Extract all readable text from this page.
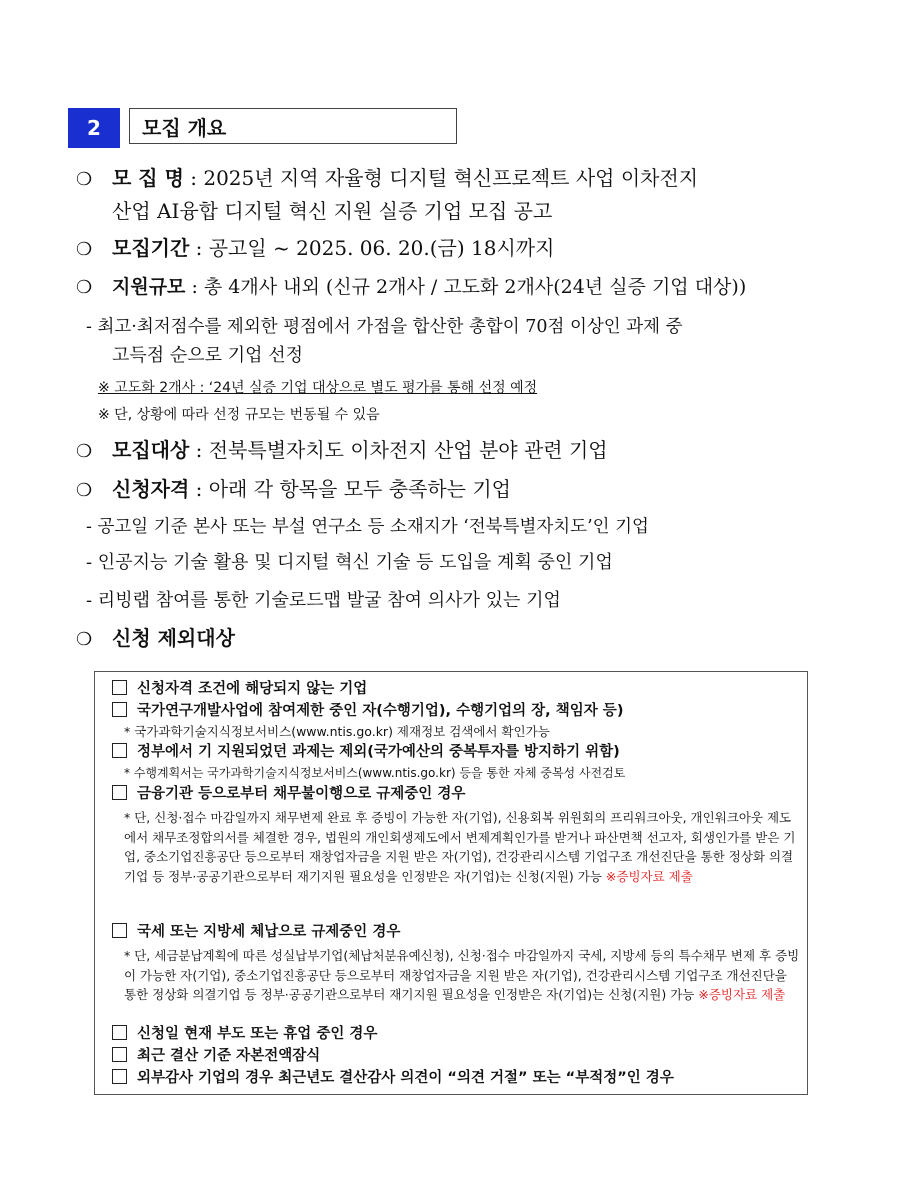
2	모집 개요
❍ 모 집 명 : 2025년 지역 자율형 디지털 혁신프로젝트 사업 이차전지
산업 AI융합 디지털 혁신 지원 실증 기업 모집 공고
❍ 모집기간 : 공고일 ~ 2025. 06. 20.(금) 18시까지
❍ 지원규모 : 총 4개사 내외 (신규 2개사 / 고도화 2개사(24년 실증 기업 대상))
- 최고·최저점수를 제외한 평점에서 가점을 합산한 총합이 70점 이상인 과제 중
고득점 순으로 기업 선정
※ 고도화 2개사 : ‘24년 실증 기업 대상으로 별도 평가를 통해 선정 예정
※ 단, 상황에 따라 선정 규모는 번동될 수 있음
❍ 모집대상 : 전북특별자치도 이차전지 산업 분야 관련 기업
❍ 신청자격 : 아래 각 항목을 모두 충족하는 기업
- 공고일 기준 본사 또는 부설 연구소 등 소재지가 ‘전북특별자치도’인 기업
- 인공지능 기술 활용 및 디지털 혁신 기술 등 도입을 계획 중인 기업
- 리빙랩 참여를 통한 기술로드맵 발굴 참여 의사가 있는 기업
❍ 신청 제외대상
신청자격 조건에 해당되지 않는 기업
국가연구개발사업에 참여제한 중인 자(수행기업), 수행기업의 장, 책임자 등)
* 국가과학기술지식정보서비스(www.ntis.go.kr) 제재정보 검색에서 확인가능
정부에서 기 지원되었던 과제는 제외(국가예산의 중복투자를 방지하기 위함)
* 수행계획서는 국가과학기술지식정보서비스(www.ntis.go.kr) 등을 통한 자체 중복성 사전검토
금융기관 등으로부터 채무불이행으로 규제중인 경우
* 단, 신청·접수 마감일까지 채무변제 완료 후 증빙이 가능한 자(기업), 신용회복 위원회의 프리워크아웃, 개인워크아웃 제도에서 채무조정합의서를 체결한 경우, 법원의 개인회생제도에서 변제계획인가를 받거나 파산면책 선고자, 회생인가를 받은 기업, 중소기업진흥공단 등으로부터 재창업자금을 지원 받은 자(기업), 건강관리시스템 기업구조 개선진단을 통한 정상화 의결기업 등 정부·공공기관으로부터 재기지원 필요성을 인정받은 자(기업)는 신청(지원) 가능 ※증빙자료 제출
국세 또는 지방세 체납으로 규제중인 경우
* 단, 세금분납계획에 따른 성실납부기업(체납처분유예신청), 신청·접수 마감일까지 국세, 지방세 등의 특수채무 변제 후 증빙이 가능한 자(기업), 중소기업진흥공단 등으로부터 재창업자금을 지원 받은 자(기업), 건강관리시스템 기업구조 개선진단을 통한 정상화 의결기업 등 정부·공공기관으로부터 재기지원 필요성을 인정받은 자(기업)는 신청(지원) 가능 ※증빙자료 제출
신청일 현재 부도 또는 휴업 중인 경우
최근 결산 기준 자본전액잠식
외부감사 기업의 경우 최근년도 결산감사 의견이 “의견 거절” 또는 “부적정”인 경우
